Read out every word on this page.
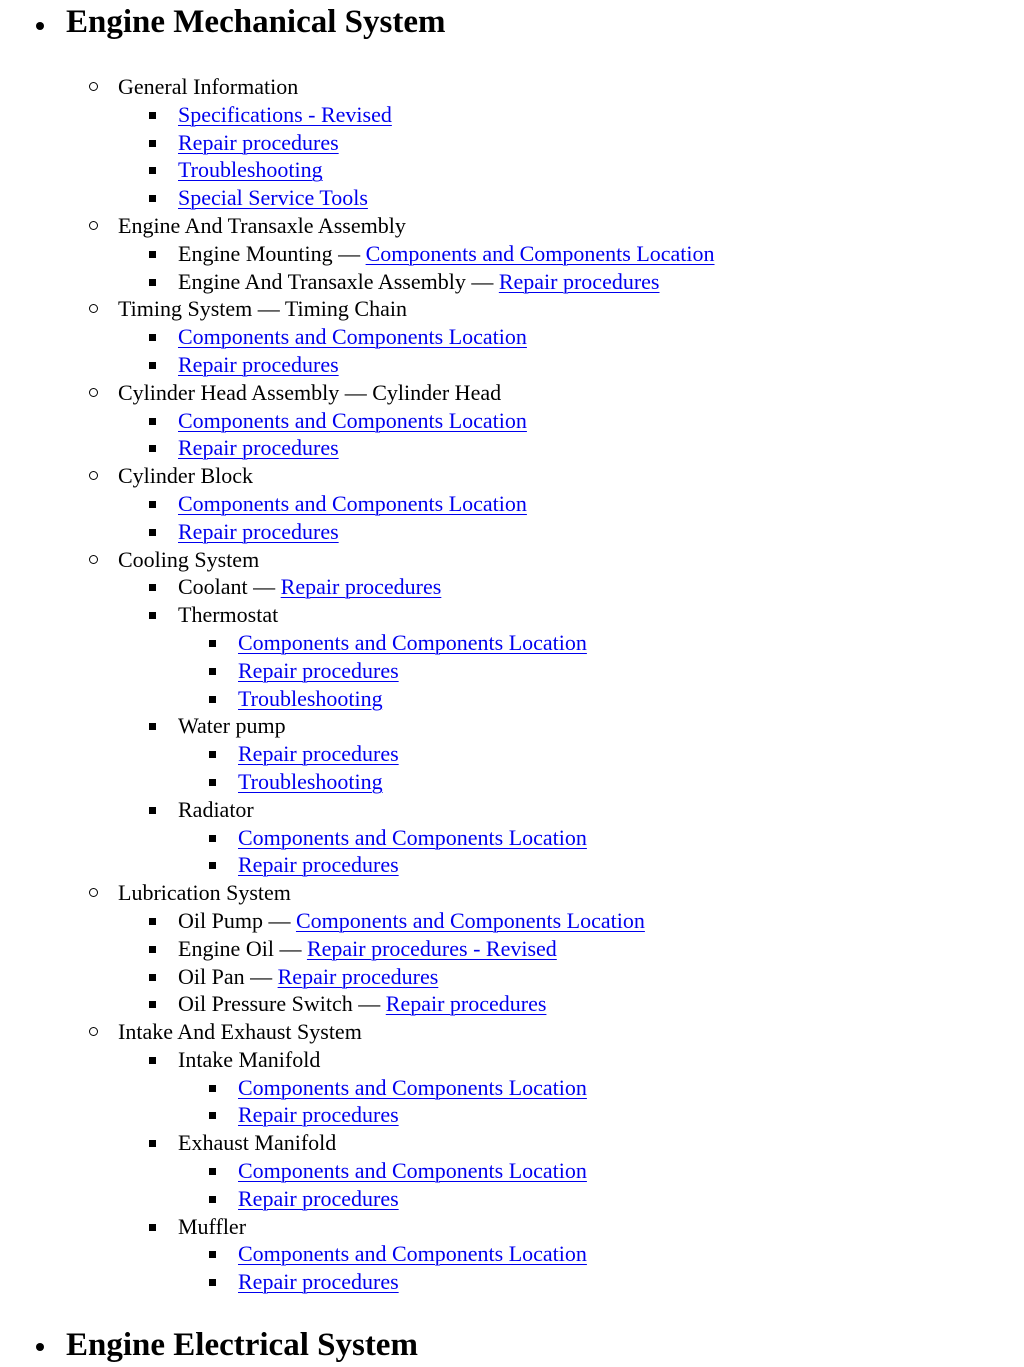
Engine Mechanical System
General Information
Specifications - Revised
Repair procedures
Troubleshooting
Special Service Tools
Engine And Transaxle Assembly
Engine Mounting — Components and Components Location
Engine And Transaxle Assembly — Repair procedures
Timing System — Timing Chain
Components and Components Location
Repair procedures
Cylinder Head Assembly — Cylinder Head
Components and Components Location
Repair procedures
Cylinder Block
Components and Components Location
Repair procedures
Cooling System
Coolant — Repair procedures
Thermostat
Components and Components Location
Repair procedures
Troubleshooting
Water pump
Repair procedures
Troubleshooting
Radiator
Components and Components Location
Repair procedures
Lubrication System
Oil Pump — Components and Components Location
Engine Oil — Repair procedures - Revised
Oil Pan — Repair procedures
Oil Pressure Switch — Repair procedures
Intake And Exhaust System
Intake Manifold
Components and Components Location
Repair procedures
Exhaust Manifold
Components and Components Location
Repair procedures
Muffler
Components and Components Location
Repair procedures
Engine Electrical System
